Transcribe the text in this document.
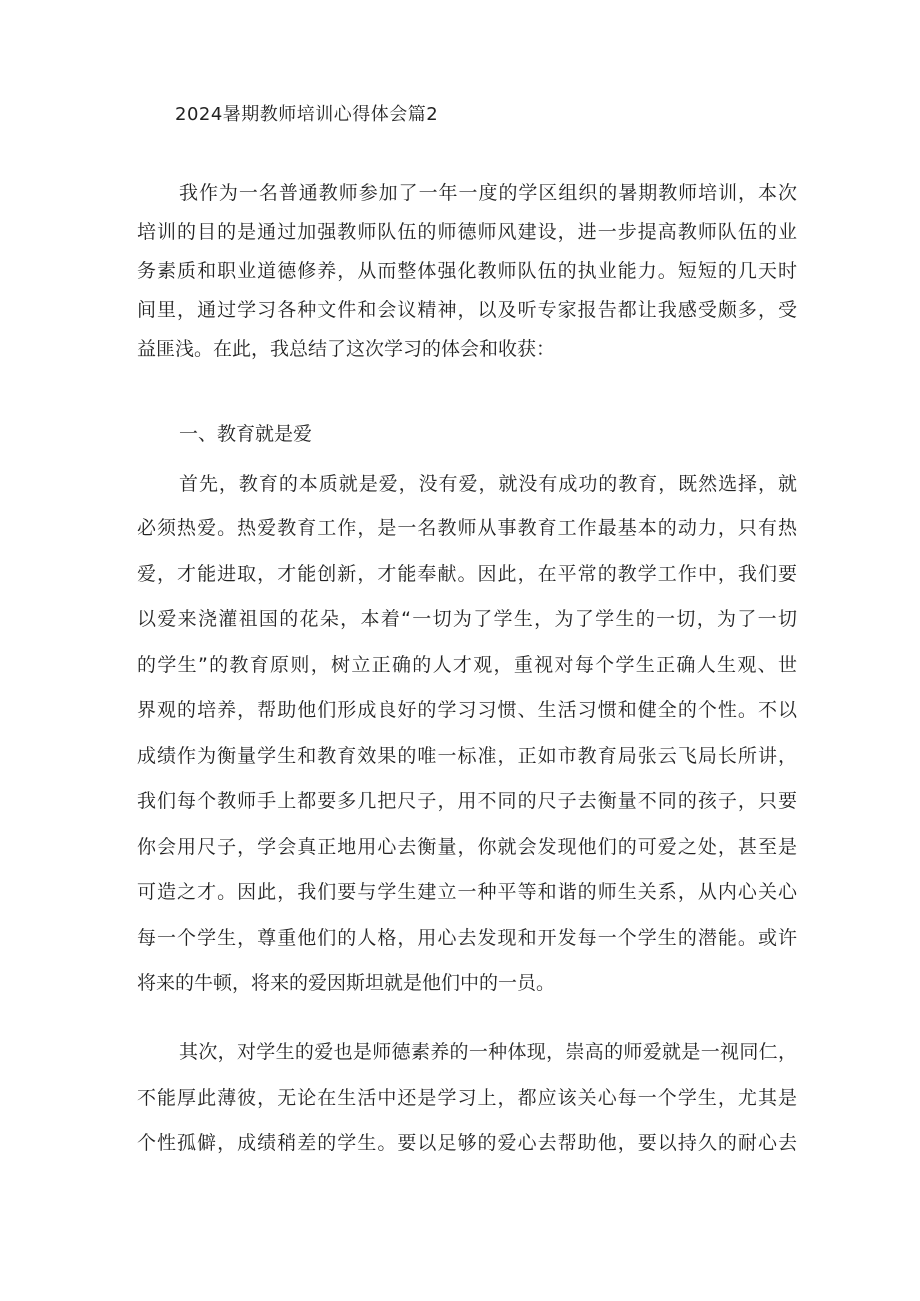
2024暑期教师培训心得体会篇2
我作为一名普通教师参加了一年一度的学区组织的暑期教师培训，本次
培训的目的是通过加强教师队伍的师德师风建设，进一步提高教师队伍的业
务素质和职业道德修养，从而整体强化教师队伍的执业能力。短短的几天时
间里，通过学习各种文件和会议精神，以及听专家报告都让我感受颇多，受
益匪浅。在此，我总结了这次学习的体会和收获：
一、教育就是爱
首先，教育的本质就是爱，没有爱，就没有成功的教育，既然选择，就
必须热爱。热爱教育工作，是一名教师从事教育工作最基本的动力，只有热
爱，才能进取，才能创新，才能奉献。因此，在平常的教学工作中，我们要
以爱来浇灌祖国的花朵，本着“一切为了学生，为了学生的一切，为了一切
的学生”的教育原则，树立正确的人才观，重视对每个学生正确人生观、世
界观的培养，帮助他们形成良好的学习习惯、生活习惯和健全的个性。不以
成绩作为衡量学生和教育效果的唯一标准，正如市教育局张云飞局长所讲，
我们每个教师手上都要多几把尺子，用不同的尺子去衡量不同的孩子，只要
你会用尺子，学会真正地用心去衡量，你就会发现他们的可爱之处，甚至是
可造之才。因此，我们要与学生建立一种平等和谐的师生关系，从内心关心
每一个学生，尊重他们的人格，用心去发现和开发每一个学生的潜能。或许
将来的牛顿，将来的爱因斯坦就是他们中的一员。
其次，对学生的爱也是师德素养的一种体现，崇高的师爱就是一视同仁，
不能厚此薄彼，无论在生活中还是学习上，都应该关心每一个学生，尤其是
个性孤僻，成绩稍差的学生。要以足够的爱心去帮助他，要以持久的耐心去
